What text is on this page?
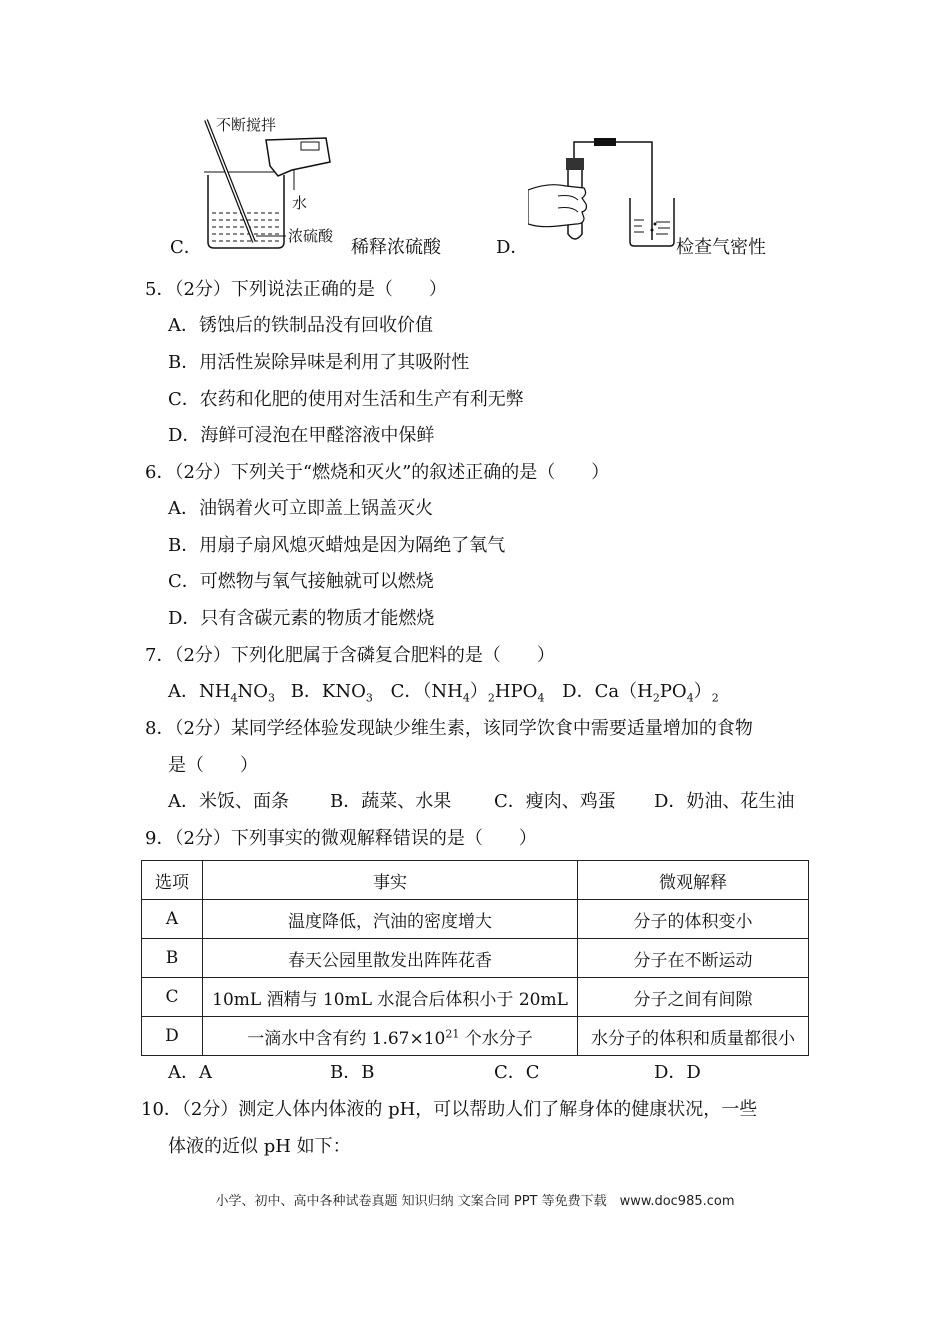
C．
不断搅拌
水
浓硫酸
稀释浓硫酸	D．	检查气密性
5．（2分）下列说法正确的是（　　）
A．锈蚀后的铁制品没有回收价值
B．用活性炭除异味是利用了其吸附性
C．农药和化肥的使用对生活和生产有利无弊
D．海鲜可浸泡在甲醛溶液中保鲜
6．（2分）下列关于“燃烧和灭火”的叙述正确的是（　　）
A．油锅着火可立即盖上锅盖灭火
B．用扇子扇风熄灭蜡烛是因为隔绝了氧气
C．可燃物与氧气接触就可以燃烧
D．只有含碳元素的物质才能燃烧
7．（2分）下列化肥属于含磷复合肥料的是（　　）
A．$NH_4NO_3$ B．$KNO_3$ C．$(NH_4)_2HPO_4$ D．$Ca(H_2PO_4)_2$
8．（2分）某同学经体验发现缺少维生素，该同学饮食中需要适量增加的食物
是（　　）
A．米饭、面条 B．蔬菜、水果 C．瘦肉、鸡蛋 D．奶油、花生油
9．（2分）下列事实的微观解释错误的是（　　）
选项	事实	微观解释
A	温度降低，汽油的密度增大	分子的体积变小
B	春天公园里散发出阵阵花香	分子在不断运动
C	10mL 酒精与 10mL 水混合后体积小于 20mL	分子之间有间隙
D	一滴水中含有约 $1.67\times 10^{21}$ 个水分子	水分子的体积和质量都很小
A．A	B．B	C．C	D．D
10．（2分）测定人体内体液的 pH，可以帮助人们了解身体的健康状况，一些
体液的近似 pH 如下：
小学、初中、高中各种试卷真题 知识归纳 文案合同 PPT 等免费下载　www.doc985.com
